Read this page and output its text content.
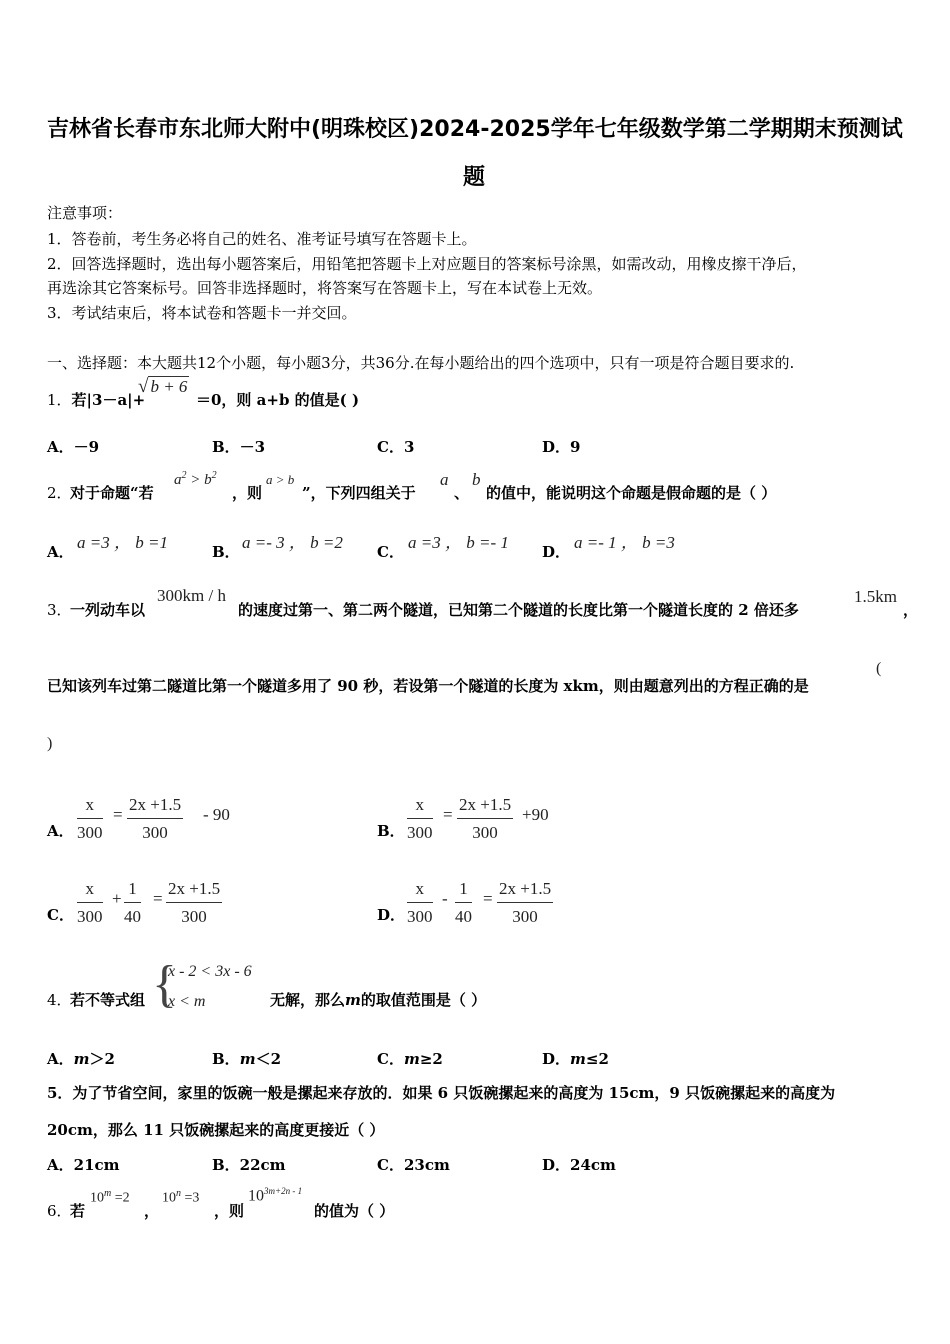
吉林省长春市东北师大附中(明珠校区)2024-2025学年七年级数学第二学期期末预测试
题
注意事项：
1．答卷前，考生务必将自己的姓名、准考证号填写在答题卡上。
2．回答选择题时，选出每小题答案后，用铅笔把答题卡上对应题目的答案标号涂黑，如需改动，用橡皮擦干净后，
再选涂其它答案标号。回答非选择题时，将答案写在答题卡上，写在本试卷上无效。
3．考试结束后，将本试卷和答题卡一并交回。
一、选择题：本大题共12个小题，每小题3分，共36分.在每小题给出的四个选项中，只有一项是符合题目要求的.
1．若|3－a|+
√ b + 6
＝0，则 a+b 的值是( )
A．－9	B．－3	C．3	D．9
2．
对于命题“若
$a^2 > b^2$
，则
a > b
”，下列四组关于
a
、
b
的值中，能说明这个命题是假命题的是（ ）
A． a =3 ， b =1	B． a =- 3 ， b =2 C． a =3 ， b =- 1 D． a =- 1 ， b =3
3．
一列动车以
300km / h
的速度过第一、第二两个隧道，已知第二个隧道的长度比第一个隧道长度的 2 倍还多
1.5km
，
已知该列车过第二隧道比第一个隧道多用了 90 秒，若设第一个隧道的长度为 xkm，则由题意列出的方程正确的是
(
)
A． $\frac{x}{300} = \frac{2x +1.5}{300} - 90$
B． $\frac{x}{300} = \frac{2x +1.5}{300} +90$
C． $\frac{x}{300} + \frac{1}{40} = \frac{2x +1.5}{300}$	D． $\frac{x}{300} - \frac{1}{40} = \frac{2x +1.5}{300}$
4．
若不等式组 {
x - 2 < 3x - 6
x < m	无解，那么m的取值范围是（ ）
A．m＞2	B．m＜2	C．m≥2	D．m≤2
5．为了节省空间，家里的饭碗一般是摞起来存放的．如果 6 只饭碗摞起来的高度为 15cm，9 只饭碗摞起来的高度为
20cm，那么 11 只饭碗摞起来的高度更接近（ ）
A．21cm	B．22cm	C．23cm	D．24cm
6．
若
$10^m =2$
，
$10^n =3$
，则
$10^{3m+2n - 1}$
的值为（ ）
